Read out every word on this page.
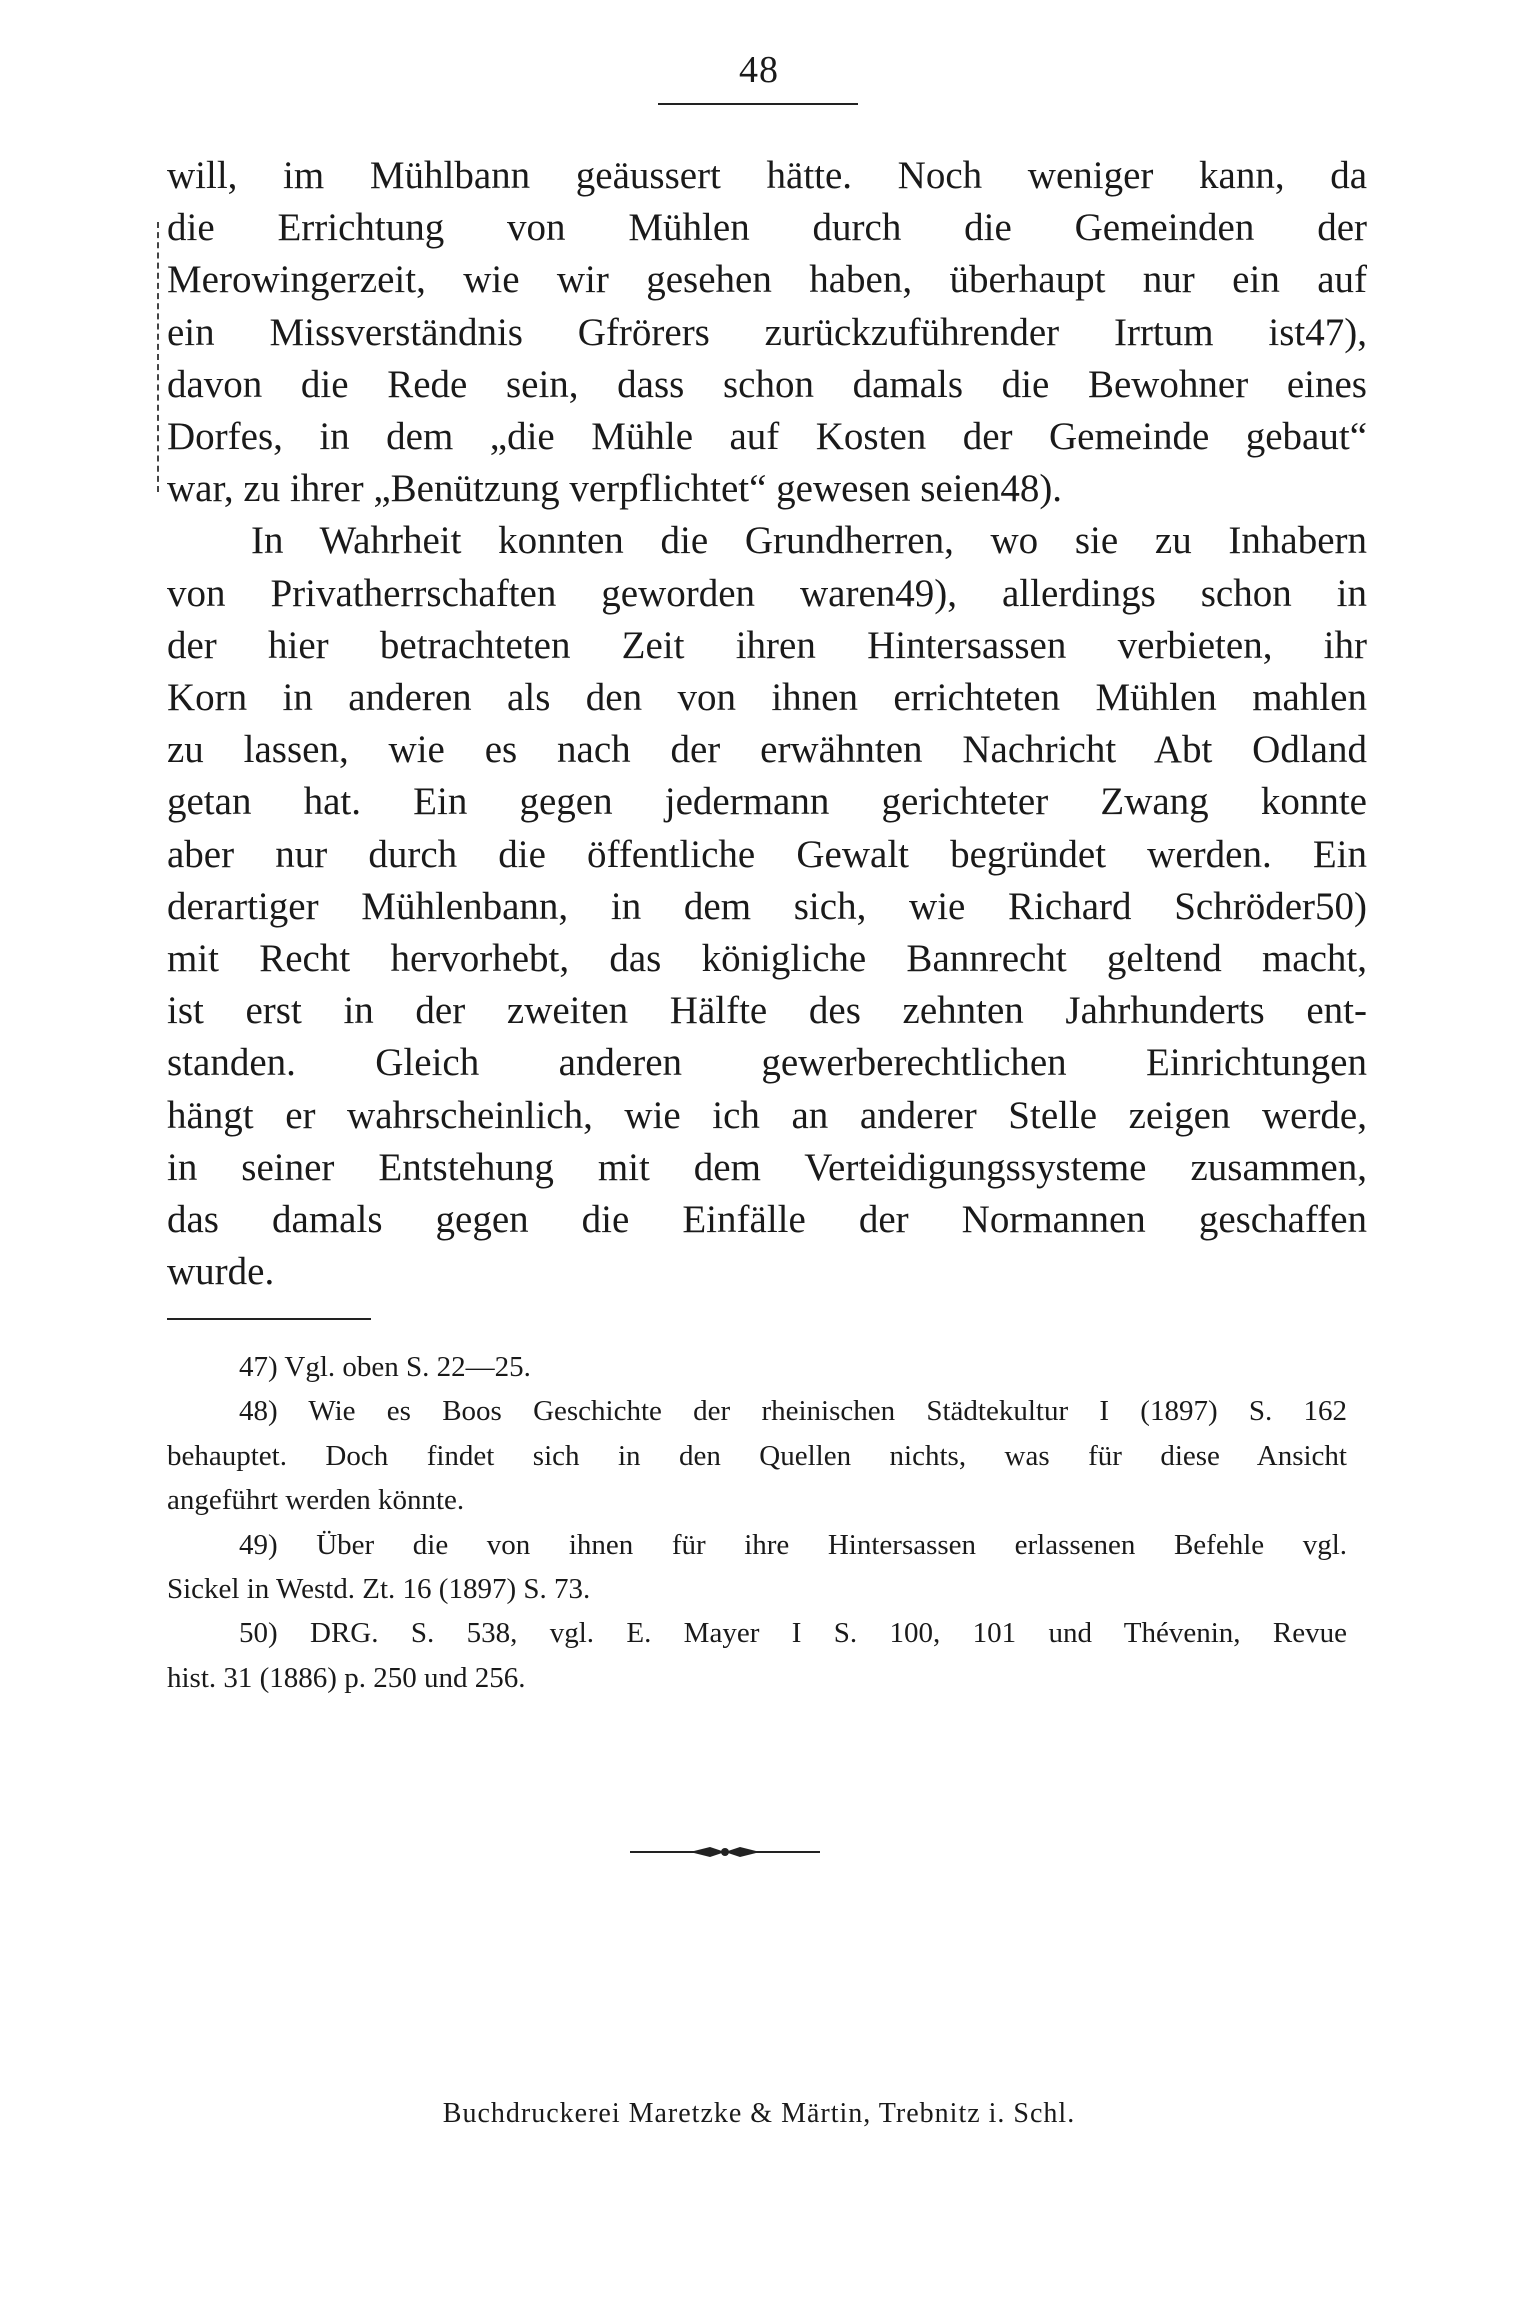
48
will, im Mühlbann geäussert hätte. Noch weniger kann, da
die Errichtung von Mühlen durch die Gemeinden der
Merowingerzeit, wie wir gesehen haben, überhaupt nur ein auf
ein Missverständnis Gfrörers zurückzuführender Irrtum ist47),
davon die Rede sein, dass schon damals die Bewohner eines
Dorfes, in dem „die Mühle auf Kosten der Gemeinde gebaut“
war, zu ihrer „Benützung verpflichtet“ gewesen seien48).
In Wahrheit konnten die Grundherren, wo sie zu Inhabern
von Privatherrschaften geworden waren49), allerdings schon in
der hier betrachteten Zeit ihren Hintersassen verbieten, ihr
Korn in anderen als den von ihnen errichteten Mühlen mahlen
zu lassen, wie es nach der erwähnten Nachricht Abt Odland
getan hat. Ein gegen jedermann gerichteter Zwang konnte
aber nur durch die öffentliche Gewalt begründet werden. Ein
derartiger Mühlenbann, in dem sich, wie Richard Schröder50)
mit Recht hervorhebt, das königliche Bannrecht geltend macht,
ist erst in der zweiten Hälfte des zehnten Jahrhunderts ent-
standen. Gleich anderen gewerberechtlichen Einrichtungen
hängt er wahrscheinlich, wie ich an anderer Stelle zeigen werde,
in seiner Entstehung mit dem Verteidigungssysteme zusammen,
das damals gegen die Einfälle der Normannen geschaffen
wurde.
47) Vgl. oben S. 22—25.
48) Wie es Boos Geschichte der rheinischen Städtekultur I (1897) S. 162
behauptet. Doch findet sich in den Quellen nichts, was für diese Ansicht
angeführt werden könnte.
49) Über die von ihnen für ihre Hintersassen erlassenen Befehle vgl.
Sickel in Westd. Zt. 16 (1897) S. 73.
50) DRG. S. 538, vgl. E. Mayer I S. 100, 101 und Thévenin, Revue
hist. 31 (1886) p. 250 und 256.
Buchdruckerei Maretzke & Märtin, Trebnitz i. Schl.
